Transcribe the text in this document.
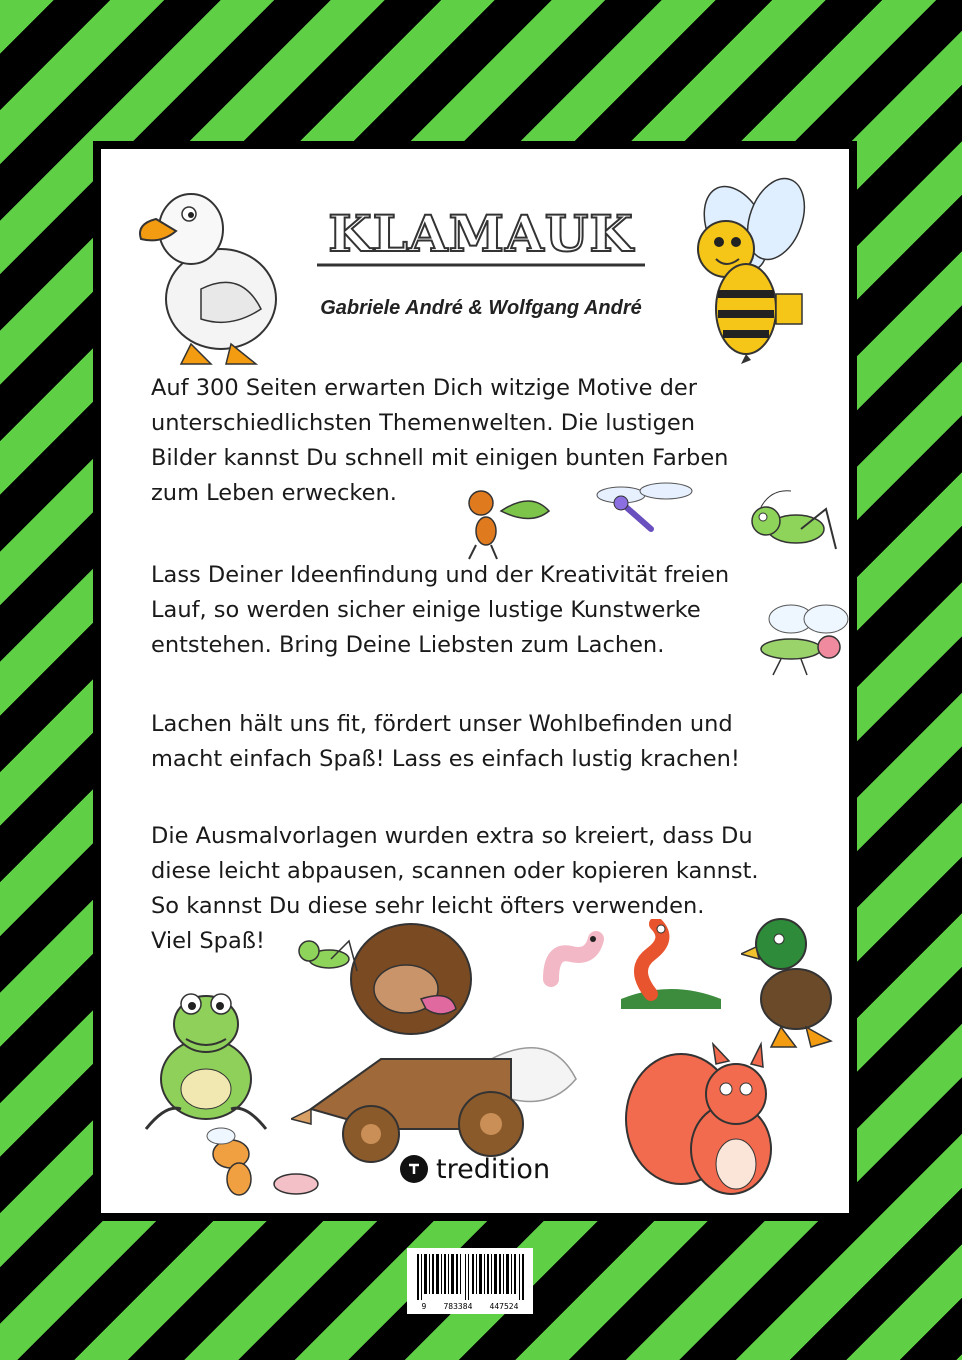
KLAMAUK
Gabriele André & Wolfgang André

Auf 300 Seiten erwarten Dich witzige Motive der
unterschiedlichsten Themenwelten. Die lustigen
Bilder kannst Du schnell mit einigen bunten Farben
zum Leben erwecken.

Lass Deiner Ideenfindung und der Kreativität freien
Lauf, so werden sicher einige lustige Kunstwerke
entstehen. Bring Deine Liebsten zum Lachen.

Lachen hält uns fit, fördert unser Wohlbefinden und
macht einfach Spaß! Lass es einfach lustig krachen!

Die Ausmalvorlagen wurden extra so kreiert, dass Du
diese leicht abpausen, scannen oder kopieren kannst.
So kannst Du diese sehr leicht öfters verwenden.

Viel Spaß!

tredition
9 783384 447524
